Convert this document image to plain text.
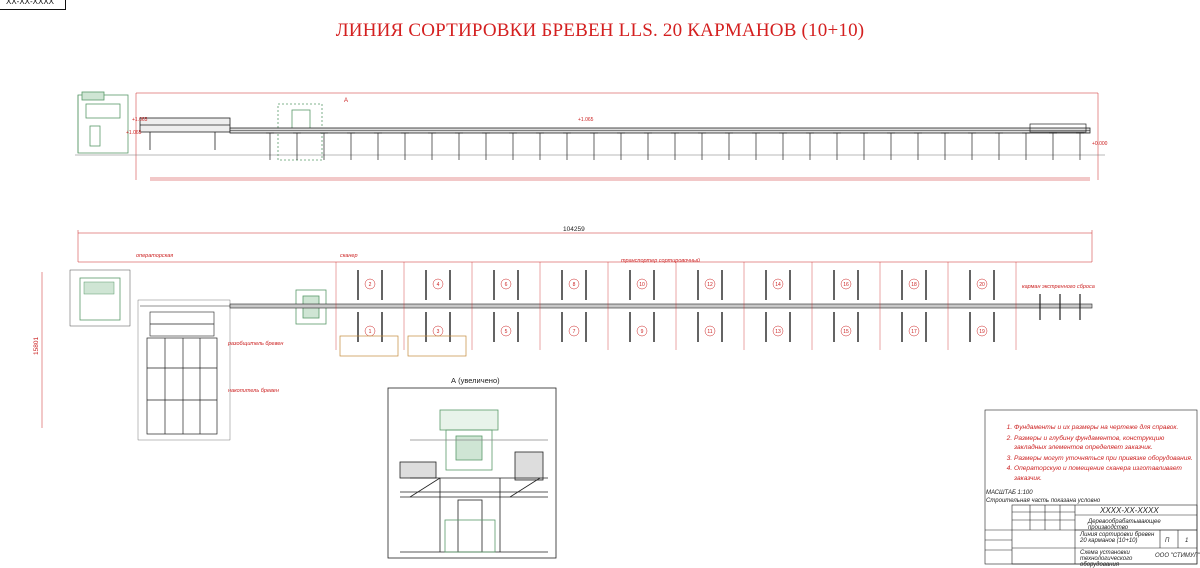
XX-XX-XXXX
ЛИНИЯ СОРТИРОВКИ БРЕВЕН LLS. 20 КАРМАНОВ (10+10)
+1.065
+1.065
+1.065
+0.000
А
104259
15801
операторская
разобщитель бревен
накопитель бревен
сканер
транспортер сортировочный
карман экстренного сброса
2
1
4
3
6
5
8
7
10
9
12
11
14
13
16
15
18
17
20
19
А (увеличено)
1. Фундаменты и их размеры на чертеже для справок.
2. Размеры и глубину фундаментов, конструкцию закладных элементов определяет заказчик.
3. Размеры могут уточняться при привязке оборудования.
4. Операторскую и помещение сканера изготавливает заказчик.
МАСШТАБ 1:100
Строительная часть показана условно
XXXX-XX-XXXX
Деревообрабатывающее производство
Линия сортировки бревен 20 карманов (10+10)	П	1
Схема установки технологического оборудования
ООО "СТИМУЛ"
